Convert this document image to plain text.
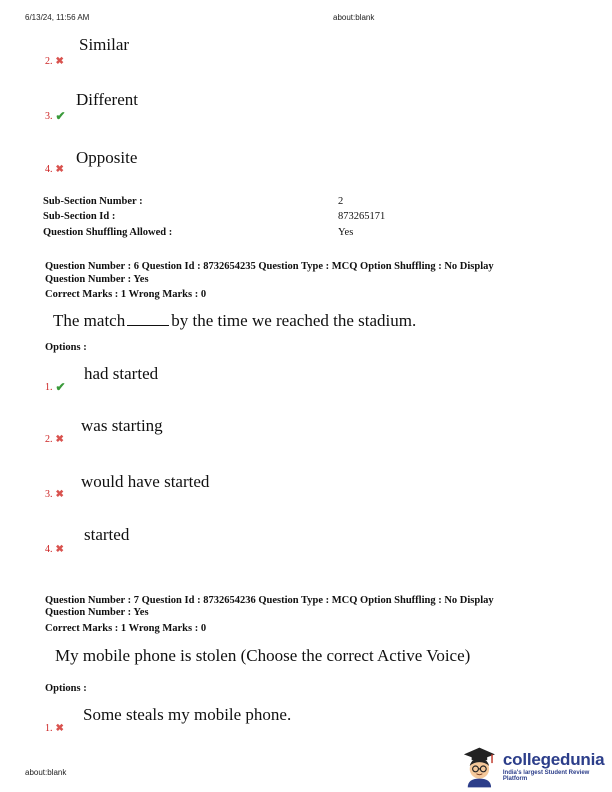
6/13/24, 11:56 AM	about:blank
Similar
2. ✖
Different
3. ✔
Opposite
4. ✖
Sub-Section Number :	2
Sub-Section Id :	873265171
Question Shuffling Allowed :	Yes
Question Number : 6 Question Id : 8732654235 Question Type : MCQ Option Shuffling : No Display
Question Number : Yes
Correct Marks : 1 Wrong Marks : 0
The match	by the time we reached the stadium.
Options :
had started
1. ✔
was starting
2. ✖
would have started
3. ✖
started
4. ✖
Question Number : 7 Question Id : 8732654236 Question Type : MCQ Option Shuffling : No Display
Question Number : Yes
Correct Marks : 1 Wrong Marks : 0
My mobile phone is stolen (Choose the correct Active Voice)
Options :
Some steals my mobile phone.
1. ✖
about:blank
collegedunia
India's largest Student Review Platform
